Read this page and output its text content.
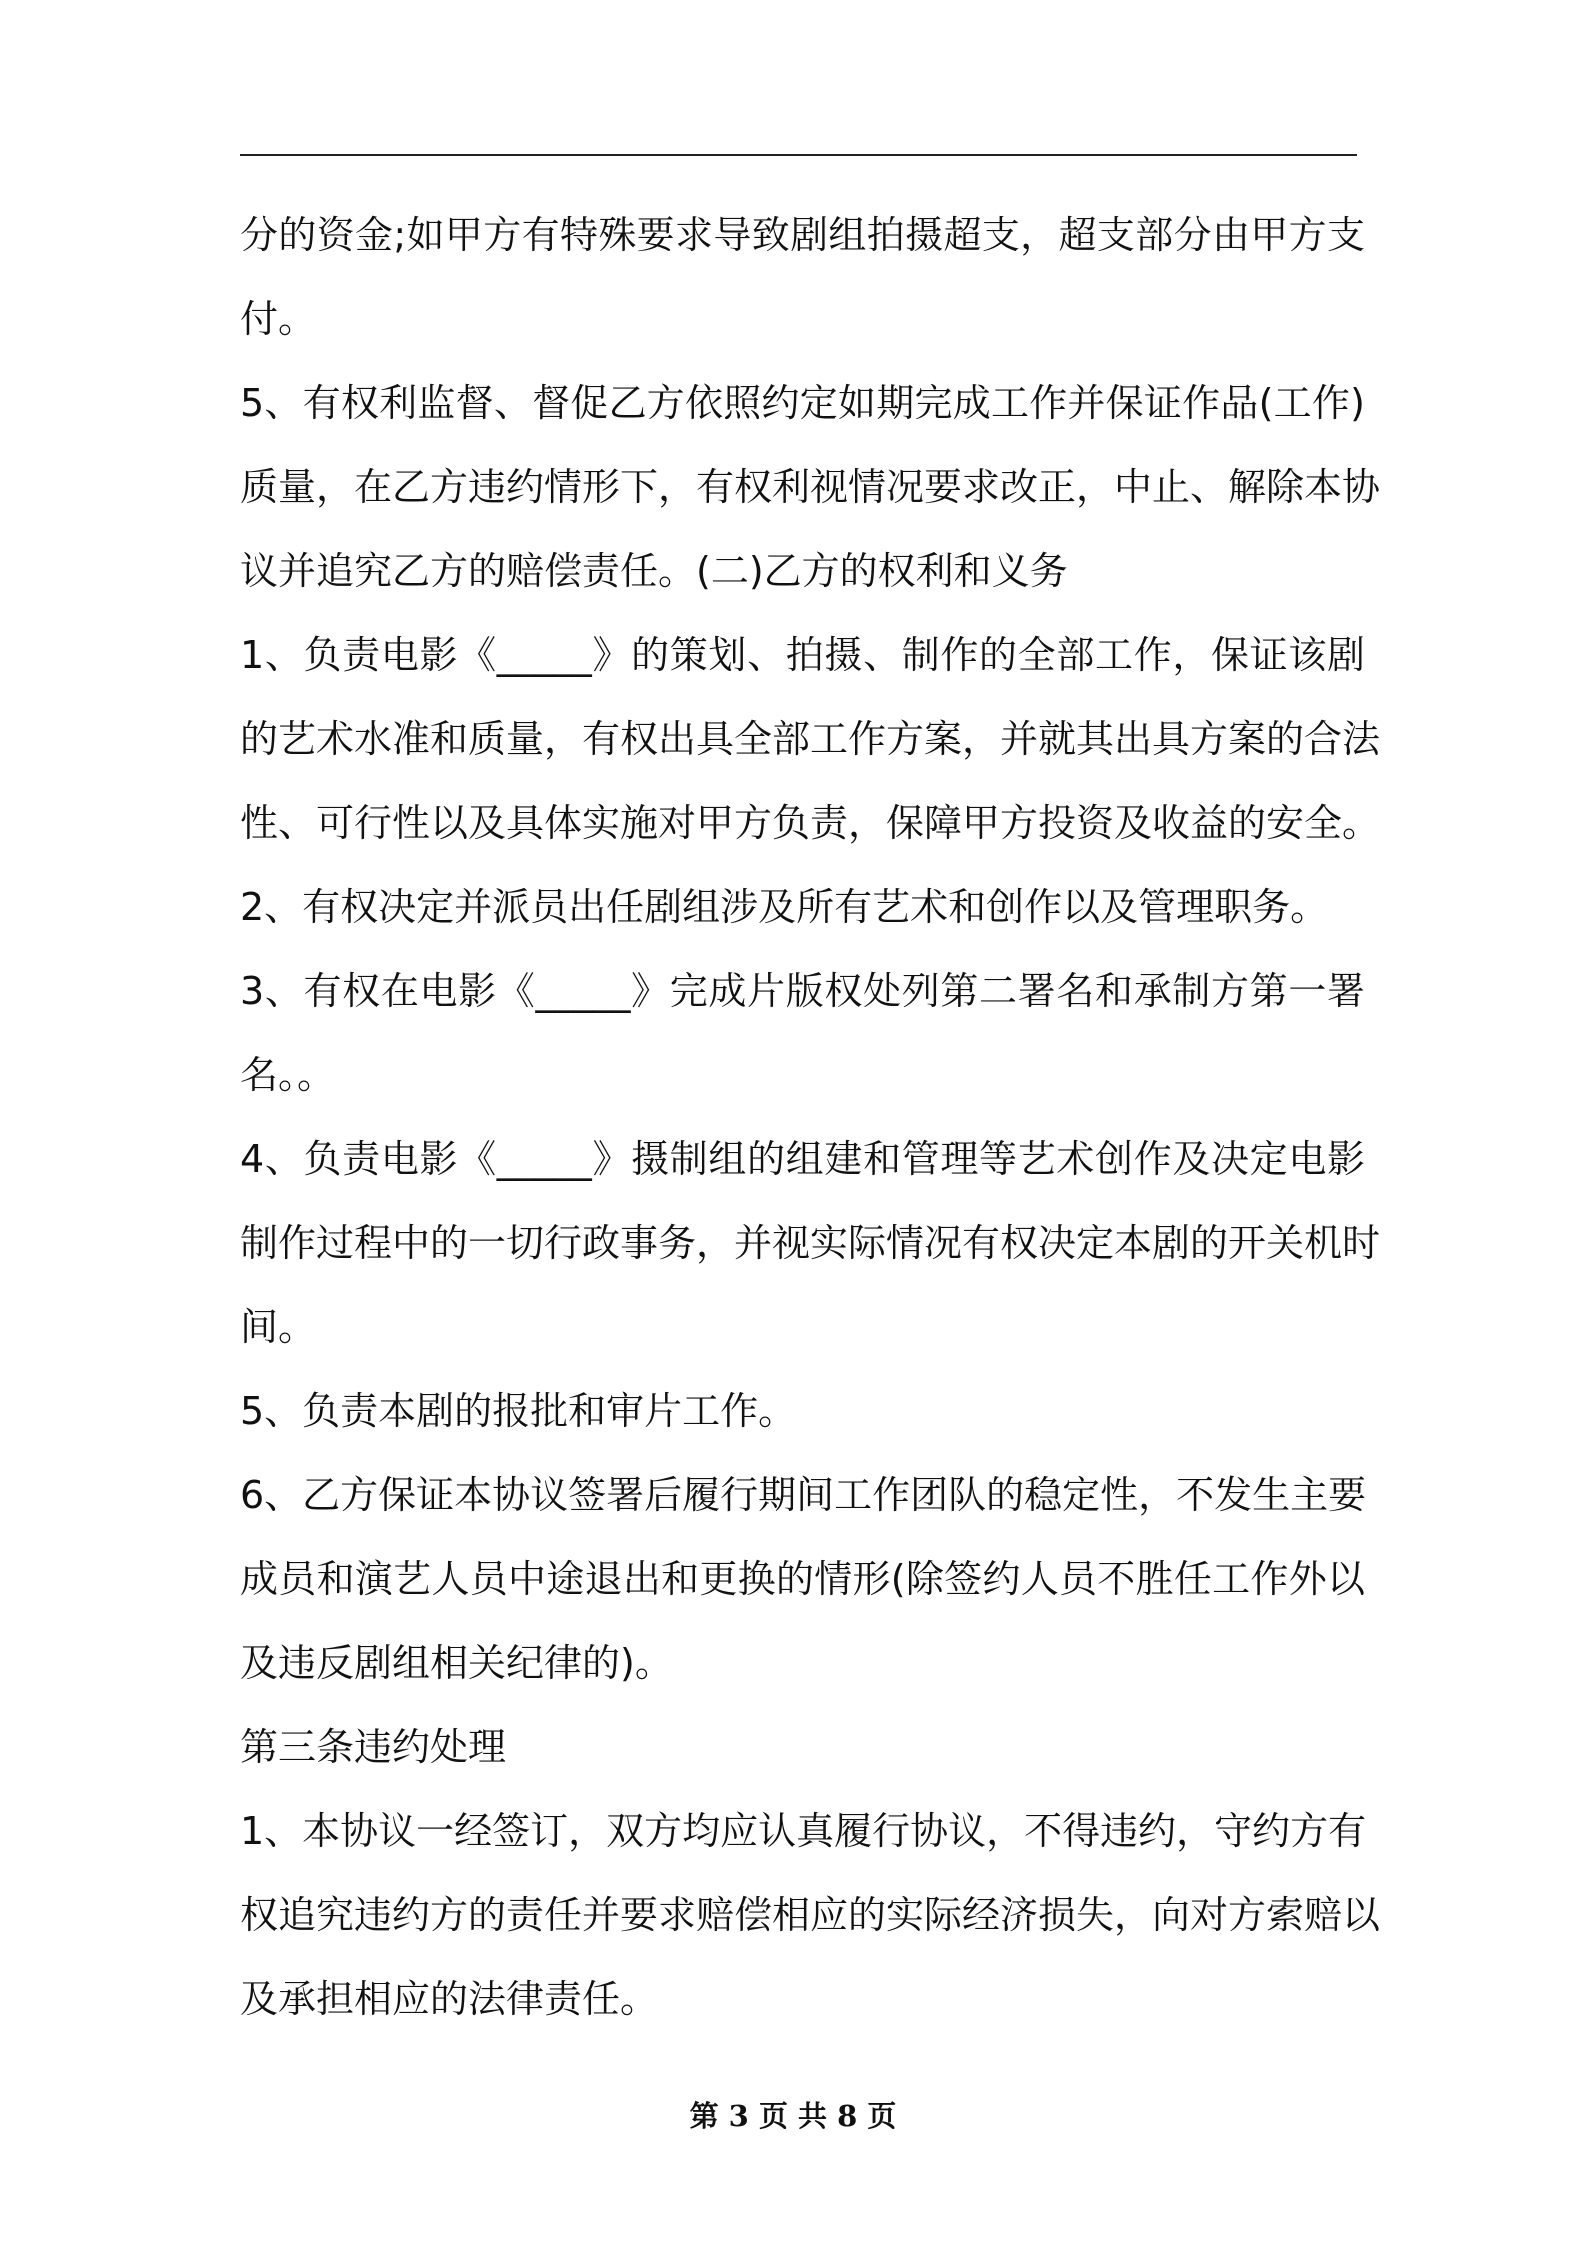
分的资金;如甲方有特殊要求导致剧组拍摄超支，超支部分由甲方支
付。
5、有权利监督、督促乙方依照约定如期完成工作并保证作品(工作)
质量，在乙方违约情形下，有权利视情况要求改正，中止、解除本协
议并追究乙方的赔偿责任。(二)乙方的权利和义务
1、负责电影《_____》的策划、拍摄、制作的全部工作，保证该剧
的艺术水准和质量，有权出具全部工作方案，并就其出具方案的合法
性、可行性以及具体实施对甲方负责，保障甲方投资及收益的安全。
2、有权决定并派员出任剧组涉及所有艺术和创作以及管理职务。
3、有权在电影《_____》完成片版权处列第二署名和承制方第一署
名。。
4、负责电影《_____》摄制组的组建和管理等艺术创作及决定电影
制作过程中的一切行政事务，并视实际情况有权决定本剧的开关机时
间。
5、负责本剧的报批和审片工作。
6、乙方保证本协议签署后履行期间工作团队的稳定性，不发生主要
成员和演艺人员中途退出和更换的情形(除签约人员不胜任工作外以
及违反剧组相关纪律的)。
第三条违约处理
1、本协议一经签订，双方均应认真履行协议，不得违约，守约方有
权追究违约方的责任并要求赔偿相应的实际经济损失，向对方索赔以
及承担相应的法律责任。
第 3 页 共 8 页
